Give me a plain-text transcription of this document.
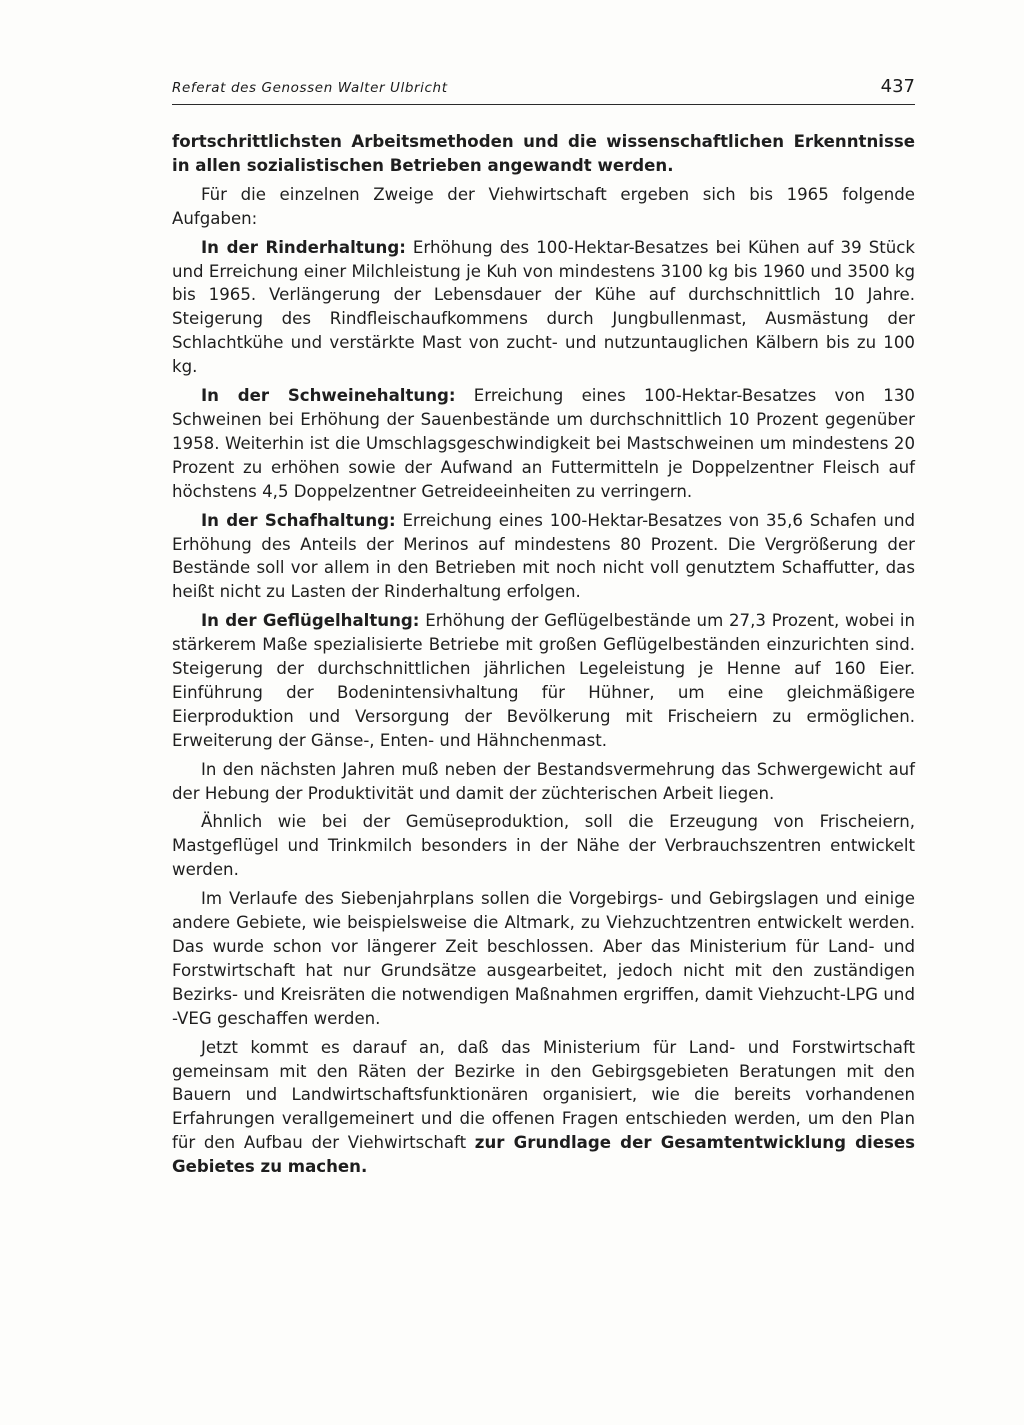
Referat des Genossen Walter Ulbricht	437

fortschrittlichsten Arbeitsmethoden und die wissenschaftlichen Erkenntnisse in allen sozialistischen Betrieben angewandt werden.

Für die einzelnen Zweige der Viehwirtschaft ergeben sich bis 1965 folgende Aufgaben:

In der Rinderhaltung: Erhöhung des 100-Hektar-Besatzes bei Kühen auf 39 Stück und Erreichung einer Milchleistung je Kuh von mindestens 3100 kg bis 1960 und 3500 kg bis 1965. Verlängerung der Lebensdauer der Kühe auf durchschnittlich 10 Jahre. Steigerung des Rindfleischaufkommens durch Jungbullenmast, Ausmästung der Schlachtkühe und verstärkte Mast von zucht- und nutzuntauglichen Kälbern bis zu 100 kg.

In der Schweinehaltung: Erreichung eines 100-Hektar-Besatzes von 130 Schweinen bei Erhöhung der Sauenbestände um durchschnittlich 10 Prozent gegenüber 1958. Weiterhin ist die Umschlagsgeschwindigkeit bei Mastschweinen um mindestens 20 Prozent zu erhöhen sowie der Aufwand an Futtermitteln je Doppelzentner Fleisch auf höchstens 4,5 Doppelzentner Getreideeinheiten zu verringern.

In der Schafhaltung: Erreichung eines 100-Hektar-Besatzes von 35,6 Schafen und Erhöhung des Anteils der Merinos auf mindestens 80 Prozent. Die Vergrößerung der Bestände soll vor allem in den Betrieben mit noch nicht voll genutztem Schaffutter, das heißt nicht zu Lasten der Rinderhaltung erfolgen.

In der Geflügelhaltung: Erhöhung der Geflügelbestände um 27,3 Prozent, wobei in stärkerem Maße spezialisierte Betriebe mit großen Geflügelbeständen einzurichten sind. Steigerung der durchschnittlichen jährlichen Legeleistung je Henne auf 160 Eier. Einführung der Bodenintensivhaltung für Hühner, um eine gleichmäßigere Eierproduktion und Versorgung der Bevölkerung mit Frischeiern zu ermöglichen. Erweiterung der Gänse-, Enten- und Hähnchenmast.

In den nächsten Jahren muß neben der Bestandsvermehrung das Schwergewicht auf der Hebung der Produktivität und damit der züchterischen Arbeit liegen.

Ähnlich wie bei der Gemüseproduktion, soll die Erzeugung von Frischeiern, Mastgeflügel und Trinkmilch besonders in der Nähe der Verbrauchszentren entwickelt werden.

Im Verlaufe des Siebenjahrplans sollen die Vorgebirgs- und Gebirgslagen und einige andere Gebiete, wie beispielsweise die Altmark, zu Viehzuchtzentren entwickelt werden. Das wurde schon vor längerer Zeit beschlossen. Aber das Ministerium für Land- und Forstwirtschaft hat nur Grundsätze ausgearbeitet, jedoch nicht mit den zuständigen Bezirks- und Kreisräten die notwendigen Maßnahmen ergriffen, damit Viehzucht-LPG und -VEG geschaffen werden.

Jetzt kommt es darauf an, daß das Ministerium für Land- und Forstwirtschaft gemeinsam mit den Räten der Bezirke in den Gebirgsgebieten Beratungen mit den Bauern und Landwirtschaftsfunktionären organisiert, wie die bereits vorhandenen Erfahrungen verallgemeinert und die offenen Fragen entschieden werden, um den Plan für den Aufbau der Viehwirtschaft zur Grundlage der Gesamtentwicklung dieses Gebietes zu machen.
